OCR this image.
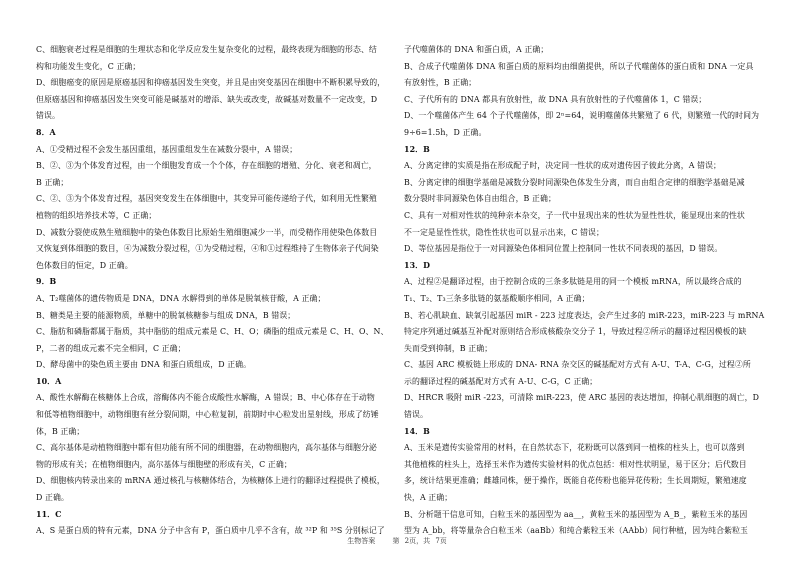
C、细胞衰老过程是细胞的生理状态和化学反应发生复杂变化的过程，最终表现为细胞的形态、结
构和功能发生变化，C 正确；
D、细胞癌变的原因是原癌基因和抑癌基因发生突变，并且是由突变基因在细胞中不断积累导致的，
但原癌基因和抑癌基因发生突变可能是碱基对的增添、缺失或改变，故碱基对数量不一定改变，D
错误。
8．A
A、①受精过程不会发生基因重组，基因重组发生在减数分裂中，A 错误；
B、②、③为个体发育过程，由一个细胞发育成一个个体，存在细胞的增殖、分化、衰老和凋亡，
B 正确；
C、②、③为个体发育过程，基因突变发生在体细胞中，其变异可能传递给子代，如利用无性繁殖
植物的组织培养技术等，C 正确；
D、减数分裂使成熟生殖细胞中的染色体数目比原始生殖细胞减少一半，而受精作用使染色体数目
又恢复到体细胞的数目，④为减数分裂过程，①为受精过程，④和①过程维持了生物体亲子代间染
色体数目的恒定，D 正确。
9．B
A、T₂噬菌体的遗传物质是 DNA，DNA 水解得到的单体是脱氧核苷酸，A 正确；
B、糖类是主要的能源物质，单糖中的脱氧核糖参与组成 DNA，B 错误；
C、脂肪和磷脂都属于脂质，其中脂肪的组成元素是 C、H、O；磷脂的组成元素是 C、H、O、N、
P，二者的组成元素不完全相同，C 正确；
D、酵母菌中的染色质主要由 DNA 和蛋白质组成，D 正确。
10．A
A、酸性水解酶在核糖体上合成，溶酶体内不能合成酸性水解酶，A 错误；B、中心体存在于动物
和低等植物细胞中，动物细胞有丝分裂间期，中心粒复制，前期时中心粒发出星射线，形成了纺锤
体，B 正确；
C、高尔基体是动植物细胞中都有但功能有所不同的细胞器，在动物细胞内，高尔基体与细胞分泌
物的形成有关；在植物细胞内，高尔基体与细胞壁的形成有关，C 正确；
D、细胞核内转录出来的 mRNA 通过核孔与核糖体结合，为核糖体上进行的翻译过程提供了模板，
D 正确。
11．C
A、S 是蛋白质的特有元素，DNA 分子中含有 P，蛋白质中几乎不含有，故 ³²P 和 ³⁵S 分别标记了
子代噬菌体的 DNA 和蛋白质，A 正确；
B、合成子代噬菌体 DNA 和蛋白质的原料均由细菌提供，所以子代噬菌体的蛋白质和 DNA 一定具
有放射性，B 正确；
C、子代所有的 DNA 都具有放射性，故 DNA 具有放射性的子代噬菌体 1，C 错误；
D、一个噬菌体产生 64 个子代噬菌体，即 2ⁿ=64，说明噬菌体共繁殖了 6 代，则繁殖一代的时间为
9÷6=1.5h，D 正确。
12．B
A、分离定律的实质是指在形成配子时，决定同一性状的成对遗传因子彼此分离，A 错误；
B、分离定律的细胞学基础是减数分裂时同源染色体发生分离，而自由组合定律的细胞学基础是减
数分裂时非同源染色体自由组合，B 正确；
C、具有一对相对性状的纯种亲本杂交，子一代中显现出来的性状为显性性状，能显现出来的性状
不一定是显性性状，隐性性状也可以显示出来，C 错误；
D、等位基因是指位于一对同源染色体相同位置上控制同一性状不同表现的基因，D 错误。
13．D
A、过程②是翻译过程，由于控制合成的三条多肽链是用的同一个模板 mRNA，所以最终合成的
T₁、T₂、T₃三条多肽链的氨基酸顺序相同，A 正确；
B、若心肌缺血、缺氧引起基因 miR - 223 过度表达，会产生过多的 miR-223，miR-223 与 mRNA
特定序列通过碱基互补配对原则结合形成核酸杂交分子 1，导致过程②所示的翻译过程因模板的缺
失而受到抑制，B 正确；
C、基因 ARC 模板链上形成的 DNA- RNA 杂交区的碱基配对方式有 A-U、T-A、C-G，过程②所
示的翻译过程的碱基配对方式有 A-U、C-G，C 正确；
D、HRCR 吸附 miR -223，可清除 miR-223，使 ARC 基因的表达增加，抑制心肌细胞的凋亡，D
错误。
14．B
A、玉米是遗传实验常用的材料，在自然状态下，花粉既可以落到同一植株的柱头上，也可以落到
其他植株的柱头上，选择玉米作为遗传实验材料的优点包括：相对性状明显，易于区分；后代数目
多，统计结果更准确；雌雄同株，便于操作，既能自花传粉也能异花传粉；生长周期短，繁殖速度
快，A 正确；
B、分析题干信息可知，白粒玉米的基因型为 aa__，黄粒玉米的基因型为 A_B_，紫粒玉米的基因
型为 A_bb，将等量杂合白粒玉米（aaBb）和纯合紫粒玉米（AAbb）间行种植，因为纯合紫粒玉
生物答案 第 2页，共 7页
